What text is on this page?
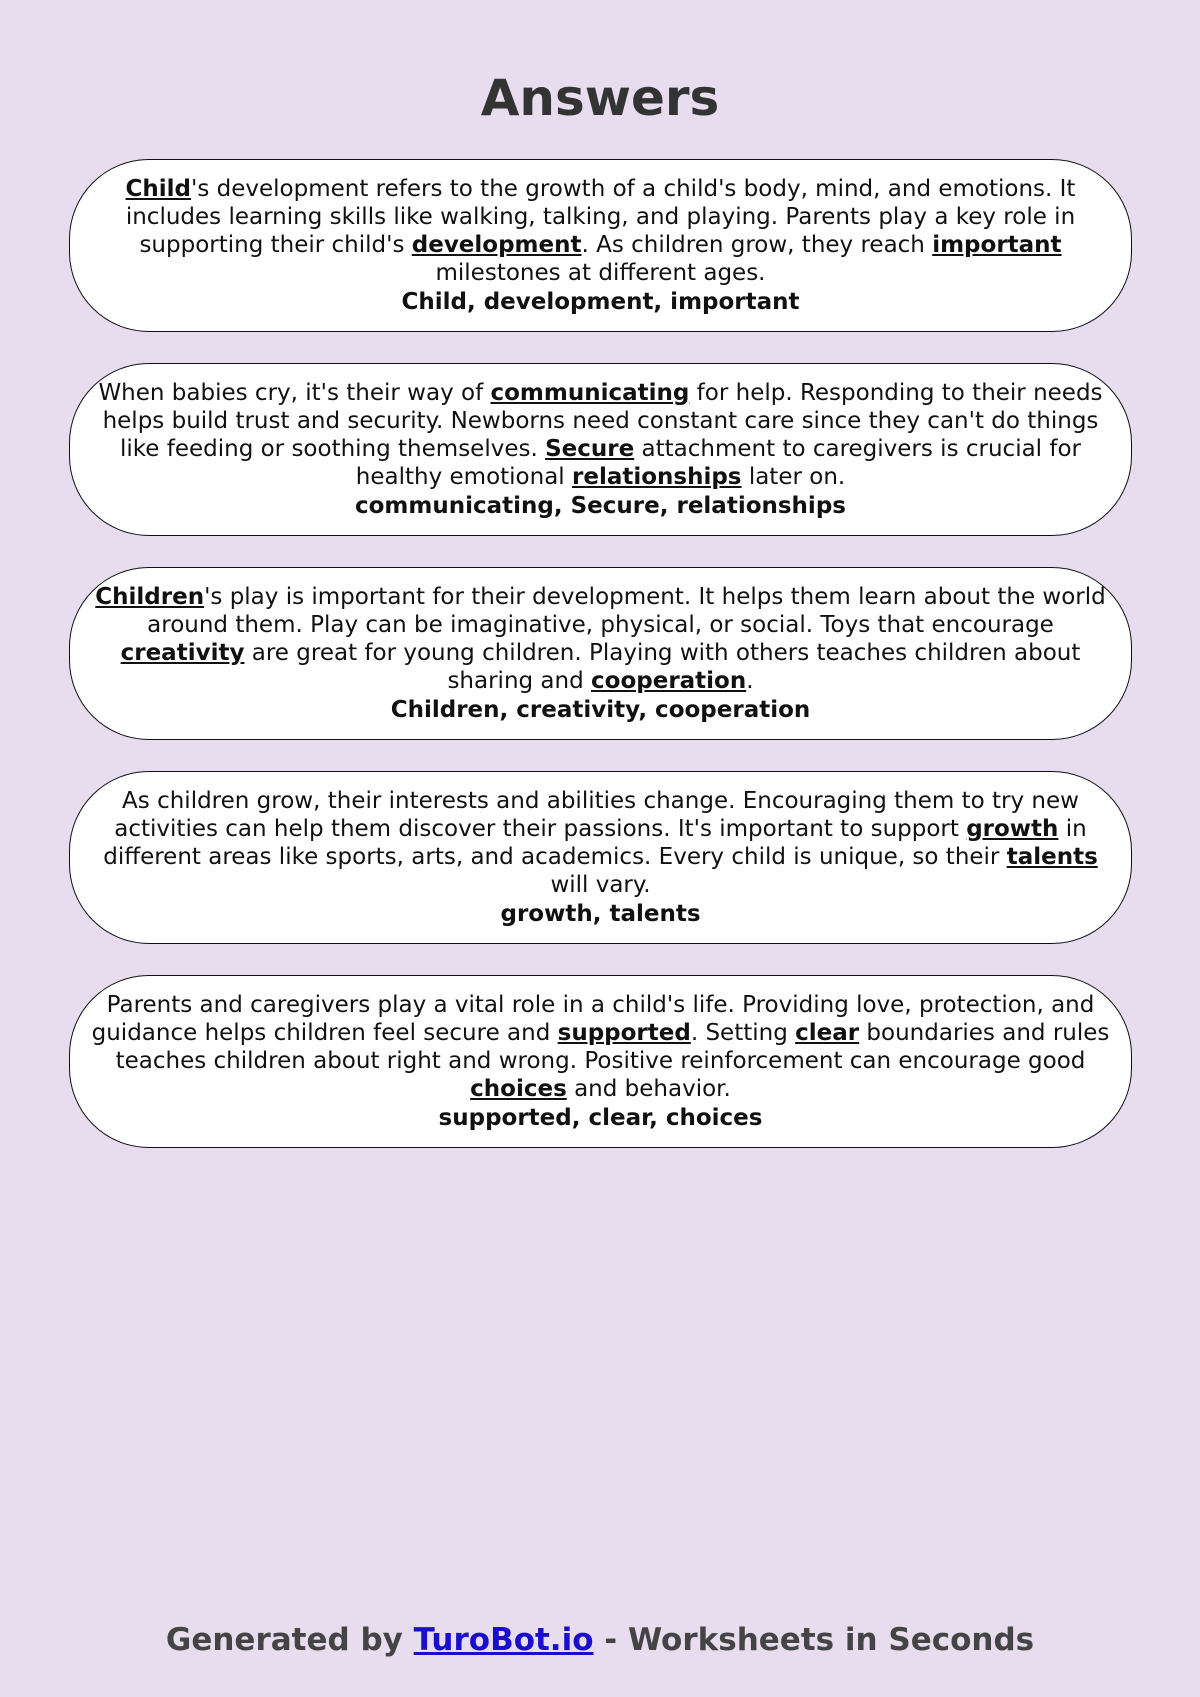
Answers
Child's development refers to the growth of a child's body, mind, and emotions. It includes learning skills like walking, talking, and playing. Parents play a key role in supporting their child's development. As children grow, they reach important milestones at different ages.
Child, development, important
When babies cry, it's their way of communicating for help. Responding to their needs helps build trust and security. Newborns need constant care since they can't do things like feeding or soothing themselves. Secure attachment to caregivers is crucial for healthy emotional relationships later on.
communicating, Secure, relationships
Children's play is important for their development. It helps them learn about the world around them. Play can be imaginative, physical, or social. Toys that encourage creativity are great for young children. Playing with others teaches children about sharing and cooperation.
Children, creativity, cooperation
As children grow, their interests and abilities change. Encouraging them to try new activities can help them discover their passions. It's important to support growth in different areas like sports, arts, and academics. Every child is unique, so their talents will vary.
growth, talents
Parents and caregivers play a vital role in a child's life. Providing love, protection, and guidance helps children feel secure and supported. Setting clear boundaries and rules teaches children about right and wrong. Positive reinforcement can encourage good choices and behavior.
supported, clear, choices
Generated by TuroBot.io - Worksheets in Seconds
